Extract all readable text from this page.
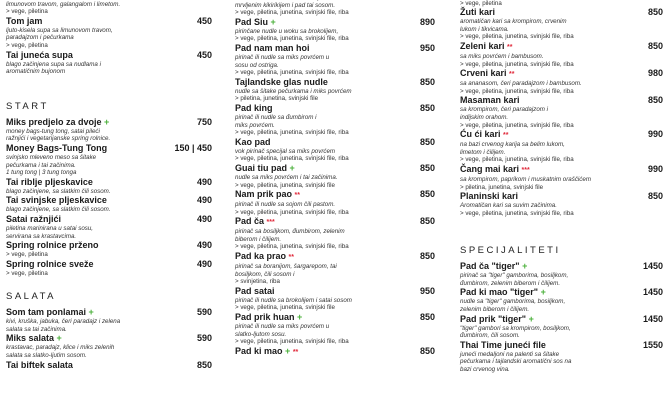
limunovom travom, galangalom i limetom.
> vege, piletina
Tom jam	450
ljuto-kisela supa sa limunovom travom,
paradajzom i pečurkama
> vege, piletina
Tai juneća supa	450
blago začinjena supa sa nudlama i
aromatičnim bujonom
START
Miks predjelo za dvoje +	750
money bags-tung tong, satai pileći
ražnjići i vegetarijanske spring rolnice.
Money Bags-Tung Tong	150 | 450
svinjsko mleveno meso sa šitake
pečurkama i tai začinima.
1 tung tong | 3 tung tonga
Tai riblje pljeskavice	490
blago začinjene, sa slatkim čili sosom.
Tai svinjske pljeskavice	490
blago začinjene, sa slatkim čili sosom.
Satai ražnjići	490
piletina marinirana u satai sosu,
servirana sa krastavcima.
Spring rolnice prženo	490
> vege, piletina
Spring rolnice sveže	490
> vege, piletina
SALATA
Som tam ponlamai +	590
kivi, kruška, jabuka, čeri paradajz i zelena
salata sa tai začinima.
Miks salata +	590
krastavac, paradajz, klice i miks zelenih
salata sa slatko-ljutim sosom.
Tai biftek salata	850
mrvljenim kikirikijem i pad tai sosom.
> vege, piletina, junetina, svinjski file, riba
Pad Siu +	890
pirinčane nudle u woku sa brokolijem,
> vege, piletina, junetina, svinjski file, riba
Pad nam man hoi	950
pirinač ili nudle sa miks povrćem u
sosu od ostriga.
> vege, piletina, junetina, svinjski file, riba
Tajlandske glas nudle	850
nudle sa šitake pečurkama i miks povrćem
> piletina, junetina, svinjski file
Pad king	850
pirinač ili nudle sa đumbirom i
miks povrćem.
> vege, piletina, junetina, svinjski file, riba
Kao pad	850
vok pirinač specijal sa miks povrćem
> vege, piletina, junetina, svinjski file, riba
Guai tiu pad +	850
nudle sa miks povrćem i tai začinima.
> vege, piletina, junetina, svinjski file
Nam prik pao **	850
pirinač ili nudle sa sojom čili pastom.
> vege, piletina, junetina, svinjski file, riba
Pad ča ***	850
pirinač sa bosiljkom, đumbirom, zelenim
biberom i čilijem.
> vege, piletina, junetina, svinjski file, riba
Pad ka prao **	850
pirinač sa boranijom, šargarepom, tai
bosiljkom, čili sosom i
> svinjetina, riba
Pad satai	950
pirinač ili nudle sa brokolijem i satai sosom
> vege, piletina, junetina, svinjski file
Pad prik huan +	850
pirinač ili nudle sa miks povrćem u
slatko-ljutom sosu.
> vege, piletina, junetina, svinjski file, riba
Pad ki mao + **	850
> vege, piletina
Žuti kari	850
aromatičan kari sa krompirom, crvenim
lukom i tikvicama.
> vege, piletina, junetina, svinjski file, riba
Zeleni kari **	850
sa miks povrćem i bambusom.
> vege, piletina, junetina, svinjski file, riba
Crveni kari **	980
sa ananasom, čeri paradajzom i bambusom.
> vege, piletina, junetina, svinjski file, riba
Masaman kari	850
sa krompirom, čeri paradajzom i
indijskim orahom.
> vege, piletina, junetina, svinjski file, riba
Ću ći kari **	990
na bazi crvenog karija sa belim lukom,
limetom i čilijem.
> vege, piletina, junetina, svinjski file, riba
Čang mai kari ***	990
sa krompirom, paprikom i muskatnim oraščićem
> piletina, junetina, svinjski file
Planinski kari	850
Aromatičan kari sa suvim začinima.
> vege, piletina, junetina, svinjski file, riba
SPECIJALITETI
Pad ča "tiger" +	1450
pirinač sa "tiger" gamborima, bosiljkom,
đumbirom, zelenim biberom i čilijem.
Pad ki mao "tiger" +	1450
nudle sa "tiger" gamborima, bosiljkom,
zelenim biberom i čilijem.
Pad prik "tiger" +	1450
"tiger" gambori sa krompirom, bosiljkom,
đumbirom, čili sosom.
Thai Time juneći file	1550
juneći medaljoni na palenti sa šitake
pečurkama i tajlandski aromatični sos na
bazi crvenog vina.
